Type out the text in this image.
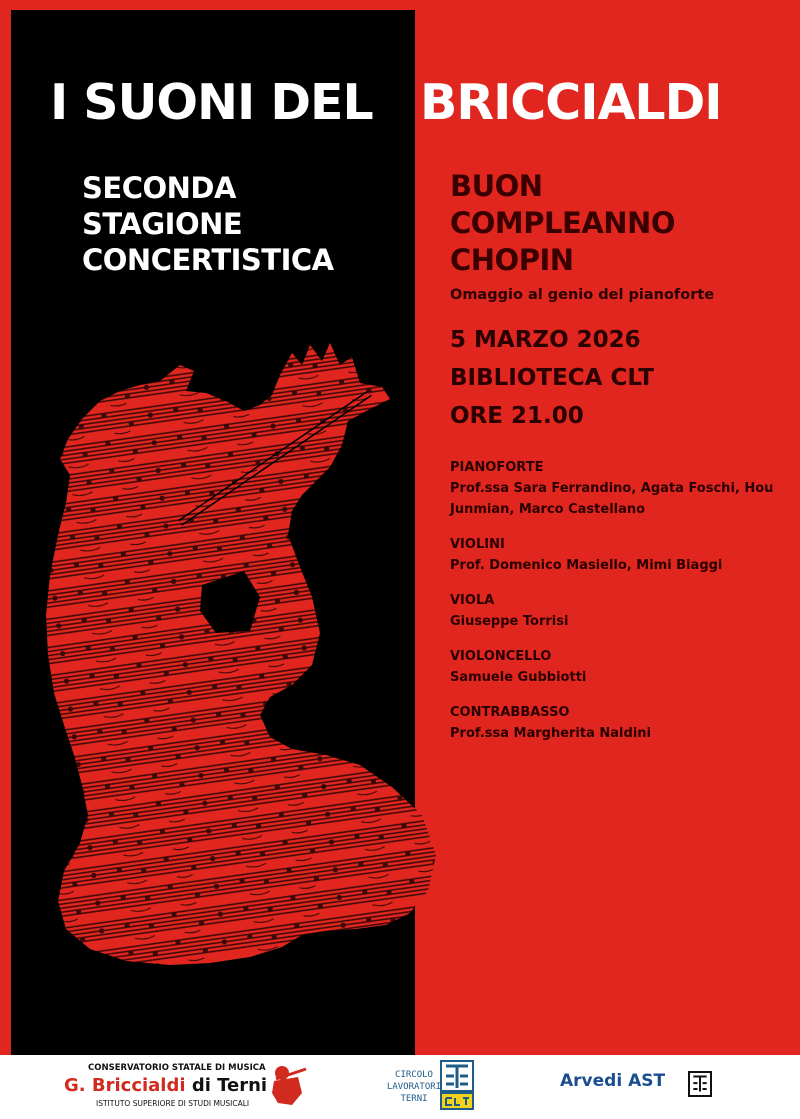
I SUONI DEL BRICCIALDI
SECONDA
STAGIONE
CONCERTISTICA
BUON
COMPLEANNO
CHOPIN
Omaggio al genio del pianoforte
5 MARZO 2026
BIBLIOTECA CLT
ORE 21.00
PIANOFORTE
Prof.ssa Sara Ferrandino, Agata Foschi, Hou Junmian, Marco Castellano
VIOLINI
Prof. Domenico Masiello, Mimi Biaggi
VIOLA
Giuseppe Torrisi
VIOLONCELLO
Samuele Gubbiotti
CONTRABBASSO
Prof.ssa Margherita Naldini
CONSERVATORIO STATALE DI MUSICA
G. Briccialdi di Terni
ISTITUTO SUPERIORE DI STUDI MUSICALI
CIRCOLO
LAVORATORI
TERNI
Arvedi AST
